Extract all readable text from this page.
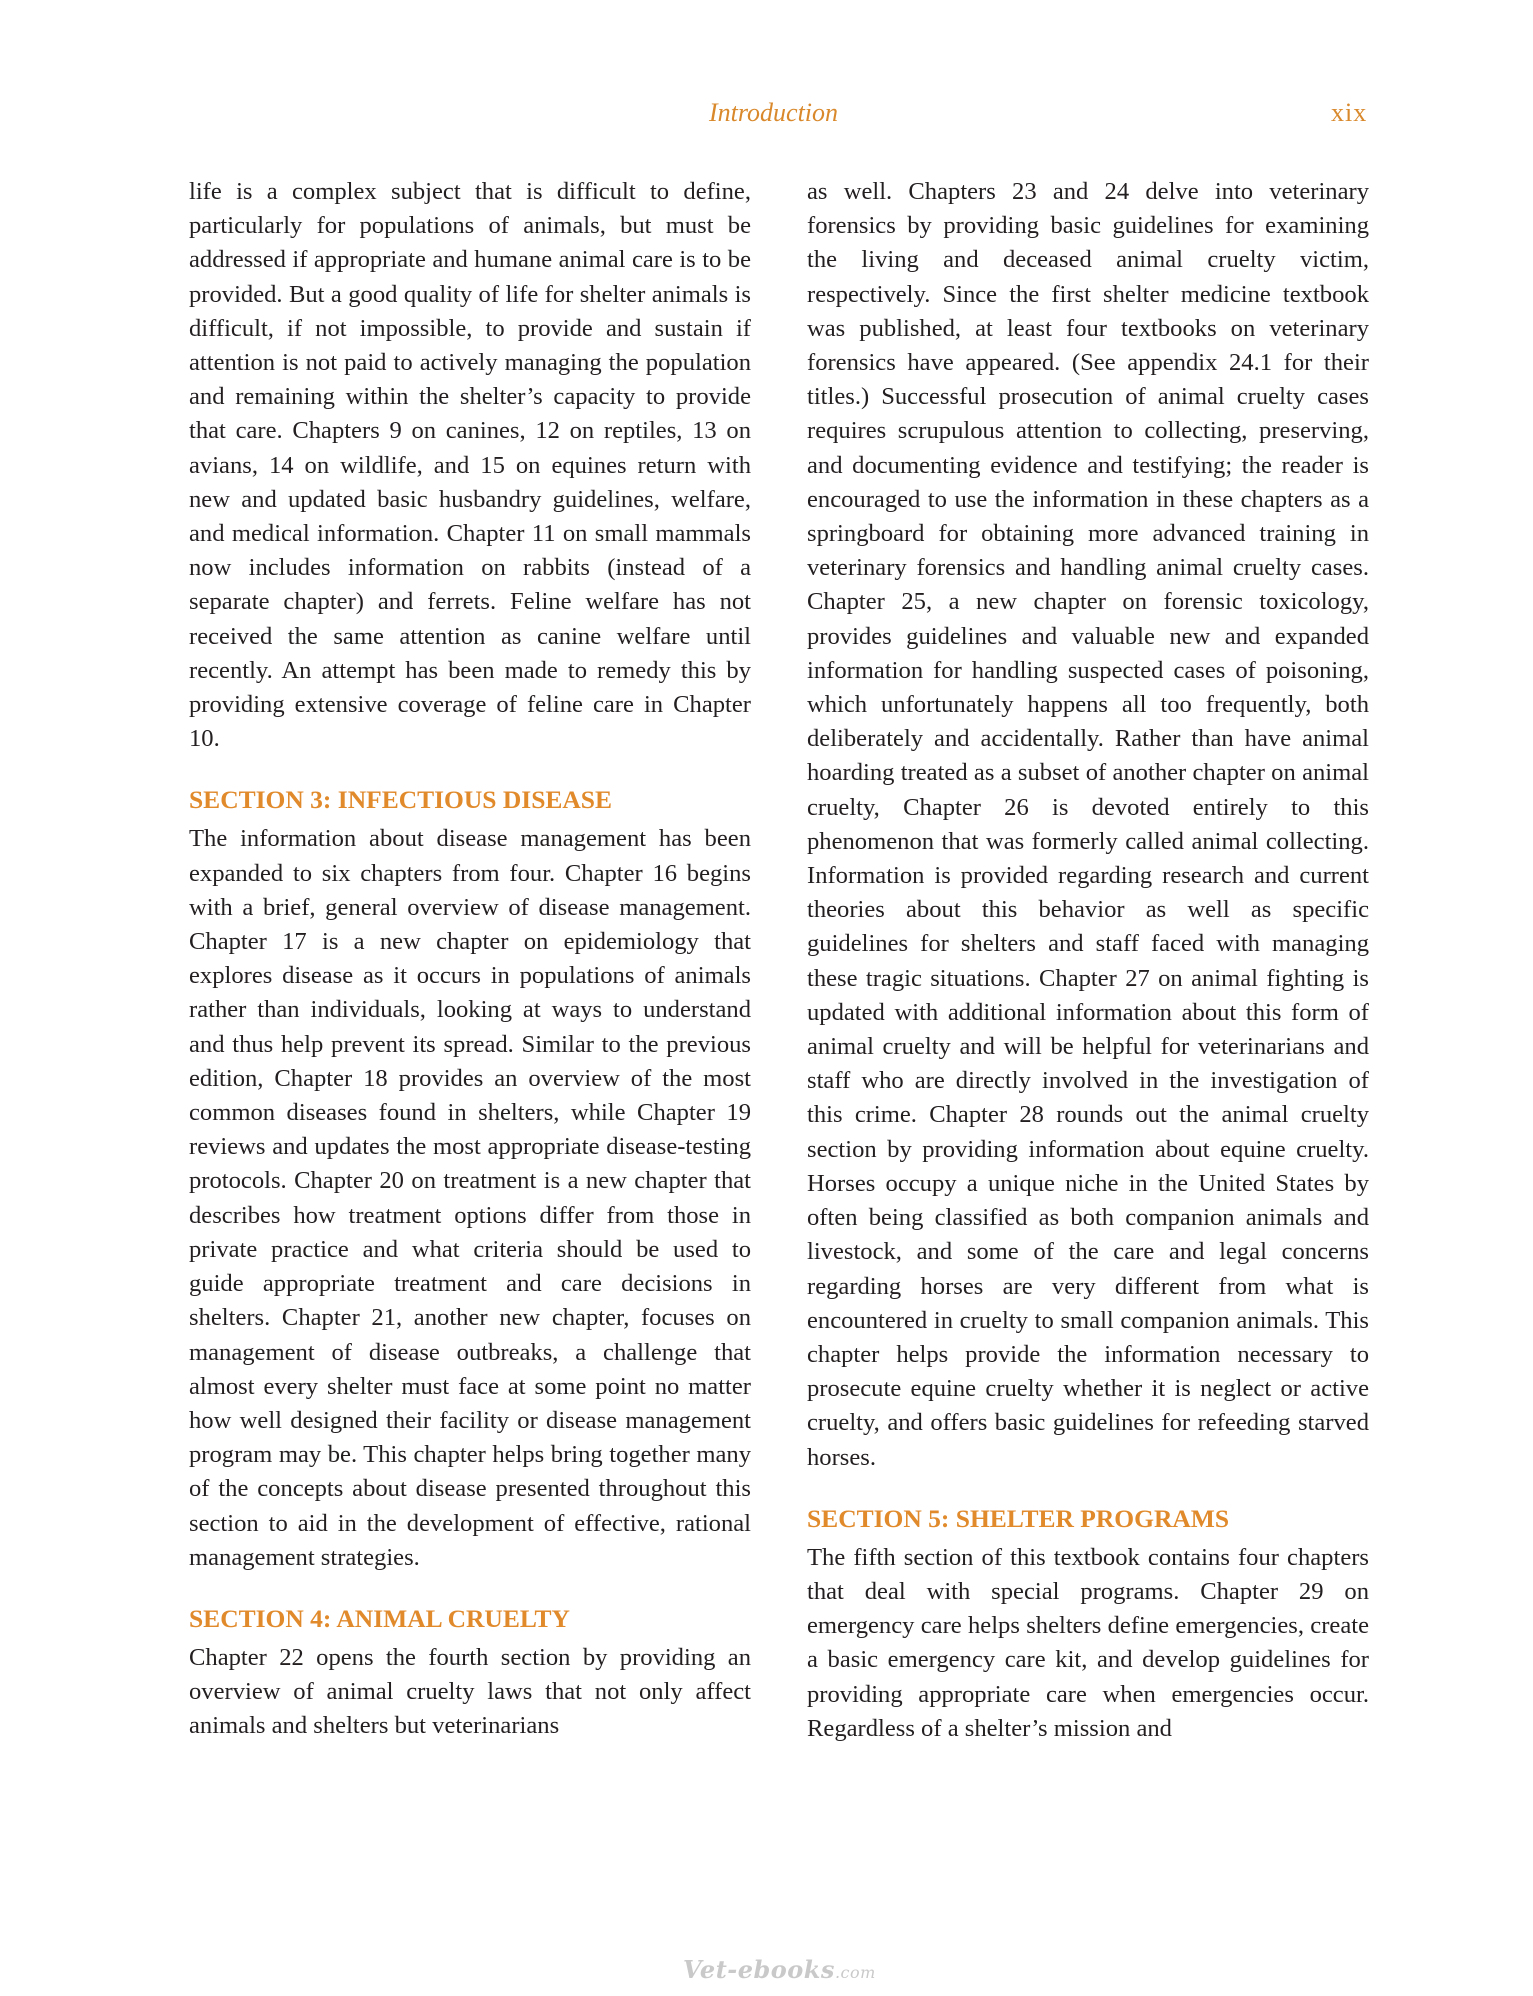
Introduction	xix

life is a complex subject that is difficult to define, particularly for populations of animals, but must be addressed if appropriate and humane animal care is to be provided. But a good quality of life for shelter animals is difficult, if not impossible, to provide and sustain if attention is not paid to actively managing the population and remaining within the shelter’s capacity to provide that care. Chapters 9 on canines, 12 on reptiles, 13 on avians, 14 on wildlife, and 15 on equines return with new and updated basic husbandry guidelines, welfare, and medical information. Chapter 11 on small mammals now includes information on rabbits (instead of a separate chapter) and ferrets. Feline welfare has not received the same attention as canine welfare until recently. An attempt has been made to remedy this by providing extensive coverage of feline care in Chapter 10.

SECTION 3: INFECTIOUS DISEASE

The information about disease management has been expanded to six chapters from four. Chapter 16 begins with a brief, general overview of disease management. Chapter 17 is a new chapter on epidemiology that explores disease as it occurs in populations of animals rather than individuals, looking at ways to understand and thus help prevent its spread. Similar to the previous edition, Chapter 18 provides an overview of the most common diseases found in shelters, while Chapter 19 reviews and updates the most appropriate disease-testing protocols. Chapter 20 on treatment is a new chapter that describes how treatment options differ from those in private practice and what criteria should be used to guide appropriate treatment and care decisions in shelters. Chapter 21, another new chapter, focuses on management of disease outbreaks, a challenge that almost every shelter must face at some point no matter how well designed their facility or disease management program may be. This chapter helps bring together many of the concepts about disease presented throughout this section to aid in the development of effective, rational management strategies.

SECTION 4: ANIMAL CRUELTY

Chapter 22 opens the fourth section by providing an overview of animal cruelty laws that not only affect animals and shelters but veterinarians

as well. Chapters 23 and 24 delve into veterinary forensics by providing basic guidelines for examining the living and deceased animal cruelty victim, respectively. Since the first shelter medicine textbook was published, at least four textbooks on veterinary forensics have appeared. (See appendix 24.1 for their titles.) Successful prosecution of animal cruelty cases requires scrupulous attention to collecting, preserving, and documenting evidence and testifying; the reader is encouraged to use the information in these chapters as a springboard for obtaining more advanced training in veterinary forensics and handling animal cruelty cases. Chapter 25, a new chapter on forensic toxicology, provides guidelines and valuable new and expanded information for handling suspected cases of poisoning, which unfortunately happens all too frequently, both deliberately and accidentally. Rather than have animal hoarding treated as a subset of another chapter on animal cruelty, Chapter 26 is devoted entirely to this phenomenon that was formerly called animal collecting. Information is provided regarding research and current theories about this behavior as well as specific guidelines for shelters and staff faced with managing these tragic situations. Chapter 27 on animal fighting is updated with additional information about this form of animal cruelty and will be helpful for veterinarians and staff who are directly involved in the investigation of this crime. Chapter 28 rounds out the animal cruelty section by providing information about equine cruelty. Horses occupy a unique niche in the United States by often being classified as both companion animals and livestock, and some of the care and legal concerns regarding horses are very different from what is encountered in cruelty to small companion animals. This chapter helps provide the information necessary to prosecute equine cruelty whether it is neglect or active cruelty, and offers basic guidelines for refeeding starved horses.

SECTION 5: SHELTER PROGRAMS

The fifth section of this textbook contains four chapters that deal with special programs. Chapter 29 on emergency care helps shelters define emergencies, create a basic emergency care kit, and develop guidelines for providing appropriate care when emergencies occur. Regardless of a shelter’s mission and

Vet-ebooks.com
